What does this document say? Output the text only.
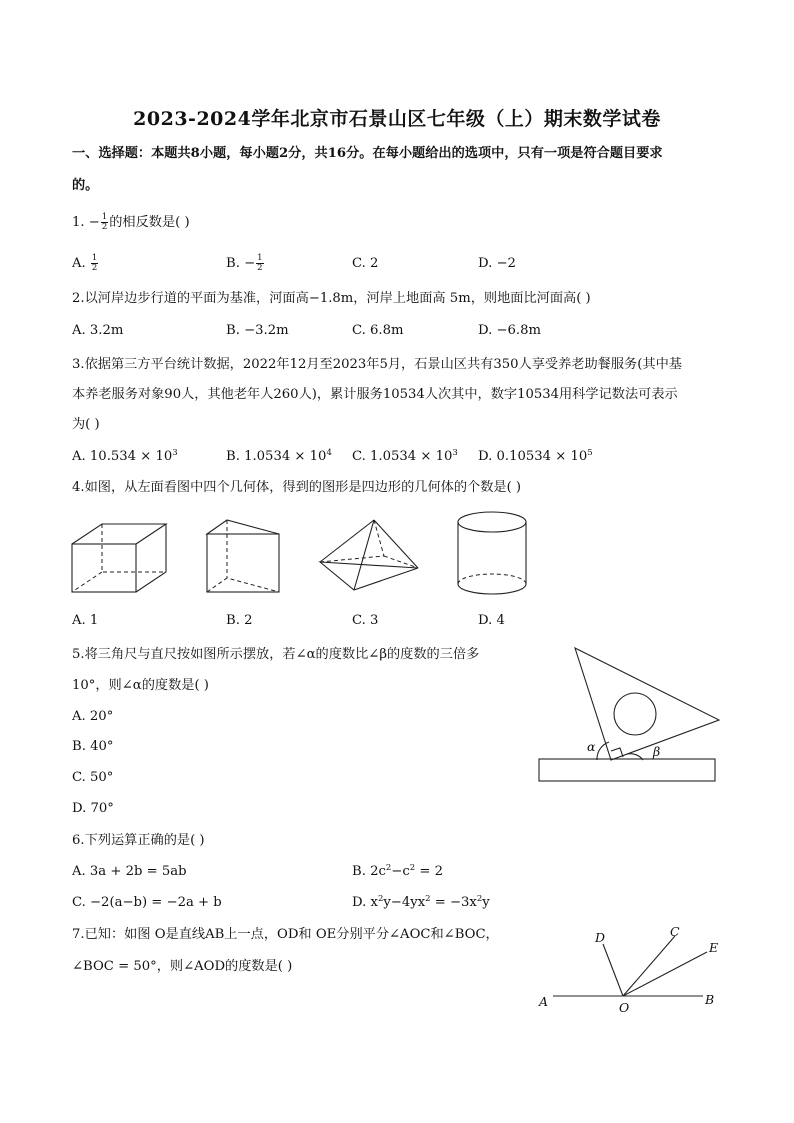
2023-2024学年北京市石景山区七年级（上）期末数学试卷
一、选择题：本题共8小题，每小题2分，共16分。在每小题给出的选项中，只有一项是符合题目要求
的。
1. − $\frac{1}{2}$ 的相反数是( )
A. $\frac{1}{2}$	B. − $\frac{1}{2}$	C. 2	D. −2
2.以河岸边步行道的平面为基准，河面高−1.8m，河岸上地面高 5m，则地面比河面高( )
A. 3.2m	B. −3.2m	C. 6.8m	D. −6.8m
3.依据第三方平台统计数据，2022年12月至2023年5月，石景山区共有350人享受养老助餐服务(其中基
本养老服务对象90人，其他老年人260人)，累计服务10534人次其中，数字10534用科学记数法可表示
为( )
A. $10.534 \times 10^3$	B. $1.0534 \times 10^4$ C. $1.0534 \times 10^3$ D. $0.10534 \times 10^5$
4.如图，从左面看图中四个几何体，得到的图形是四边形的几何体的个数是( )
A. 1	B. 2	C. 3	D. 4
5.将三角尺与直尺按如图所示摆放，若∠α的度数比∠β的度数的三倍多
10°，则∠α的度数是( )
A. 20°
B. 40°
C. 50°
D. 70°
α	β
6.下列运算正确的是( )
A. 3a + 2b = 5ab	B. $2c^2-c^2 = 2$
C. −2(a−b) = −2a + b	D. $x^2y-4yx^2 = -3x^2y$
7.已知：如图 O是直线AB上一点，OD和 OE分别平分∠AOC和∠BOC，
∠BOC = 50°，则∠AOD的度数是( )
A	B
C
D
E
O
